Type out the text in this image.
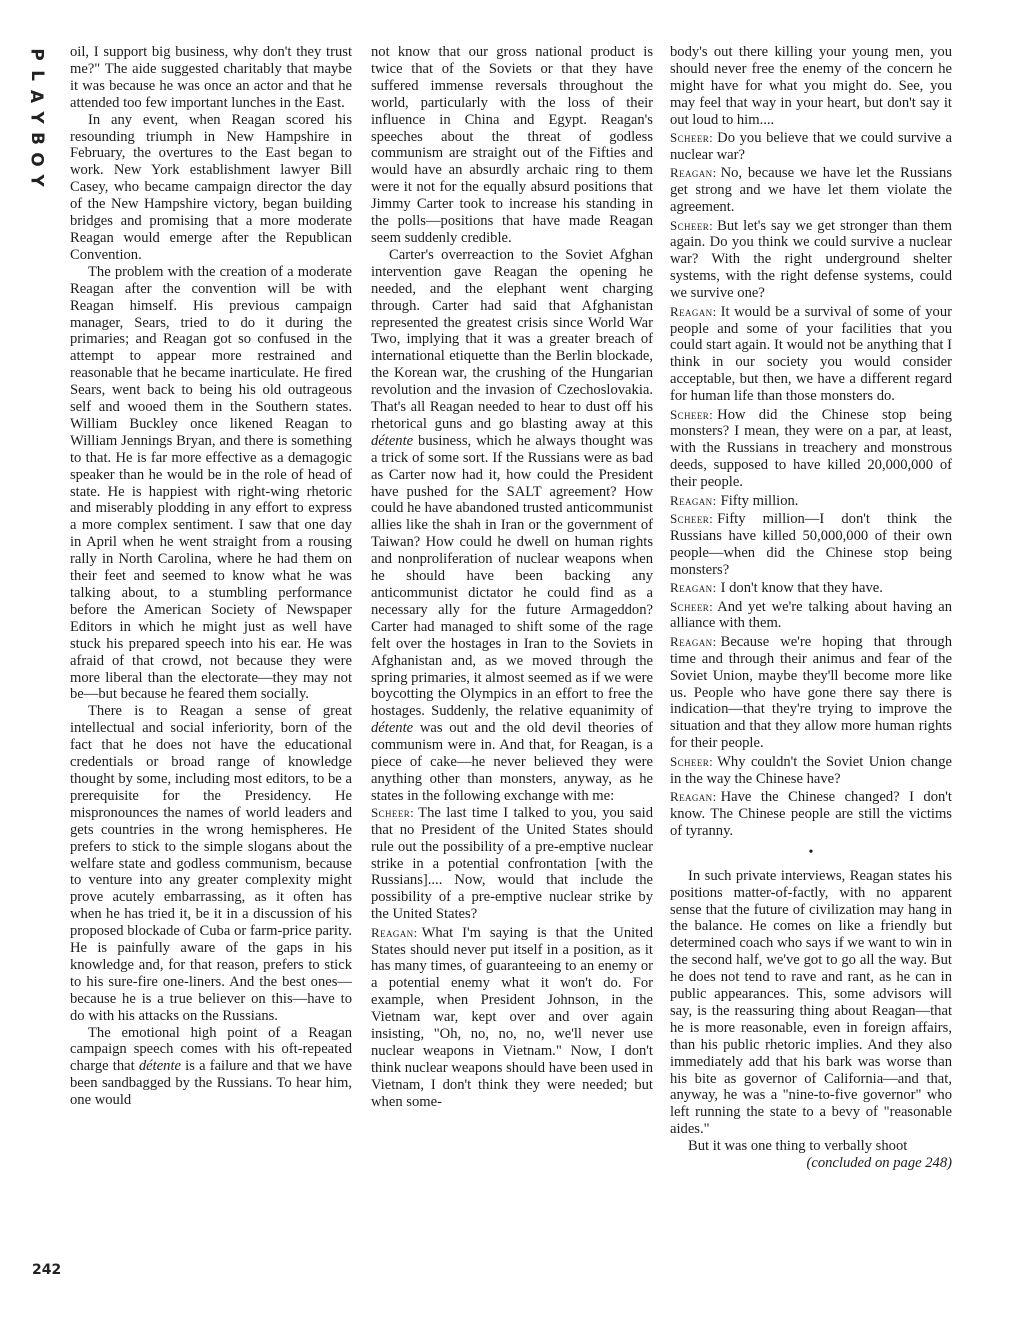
P
L
A
Y
B
O
Y

oil, I support big business, why don't they trust me?" The aide suggested charitably that maybe it was because he was once an actor and that he attended too few important lunches in the East.

In any event, when Reagan scored his resounding triumph in New Hampshire in February, the overtures to the East began to work. New York establishment lawyer Bill Casey, who became campaign director the day of the New Hampshire victory, began building bridges and promising that a more moderate Reagan would emerge after the Republican Convention.

The problem with the creation of a moderate Reagan after the convention will be with Reagan himself. His previous campaign manager, Sears, tried to do it during the primaries; and Reagan got so confused in the attempt to appear more restrained and reasonable that he became inarticulate. He fired Sears, went back to being his old outrageous self and wooed them in the Southern states. William Buckley once likened Reagan to William Jennings Bryan, and there is something to that. He is far more effective as a demagogic speaker than he would be in the role of head of state. He is happiest with right-wing rhetoric and miserably plodding in any effort to express a more complex sentiment. I saw that one day in April when he went straight from a rousing rally in North Carolina, where he had them on their feet and seemed to know what he was talking about, to a stumbling performance before the American Society of Newspaper Editors in which he might just as well have stuck his prepared speech into his ear. He was afraid of that crowd, not because they were more liberal than the electorate—they may not be—but because he feared them socially.

There is to Reagan a sense of great intellectual and social inferiority, born of the fact that he does not have the educational credentials or broad range of knowledge thought by some, including most editors, to be a prerequisite for the Presidency. He mispronounces the names of world leaders and gets countries in the wrong hemispheres. He prefers to stick to the simple slogans about the welfare state and godless communism, because to venture into any greater complexity might prove acutely embarrassing, as it often has when he has tried it, be it in a discussion of his proposed blockade of Cuba or farm-price parity. He is painfully aware of the gaps in his knowledge and, for that reason, prefers to stick to his sure-fire one-liners. And the best ones—because he is a true believer on this—have to do with his attacks on the Russians.

The emotional high point of a Reagan campaign speech comes with his oft-repeated charge that détente is a failure and that we have been sandbagged by the Russians. To hear him, one would

not know that our gross national product is twice that of the Soviets or that they have suffered immense reversals throughout the world, particularly with the loss of their influence in China and Egypt. Reagan's speeches about the threat of godless communism are straight out of the Fifties and would have an absurdly archaic ring to them were it not for the equally absurd positions that Jimmy Carter took to increase his standing in the polls—positions that have made Reagan seem suddenly credible.

Carter's overreaction to the Soviet Afghan intervention gave Reagan the opening he needed, and the elephant went charging through. Carter had said that Afghanistan represented the greatest crisis since World War Two, implying that it was a greater breach of international etiquette than the Berlin blockade, the Korean war, the crushing of the Hungarian revolution and the invasion of Czechoslovakia. That's all Reagan needed to hear to dust off his rhetorical guns and go blasting away at this détente business, which he always thought was a trick of some sort. If the Russians were as bad as Carter now had it, how could the President have pushed for the SALT agreement? How could he have abandoned trusted anticommunist allies like the shah in Iran or the government of Taiwan? How could he dwell on human rights and nonproliferation of nuclear weapons when he should have been backing any anticommunist dictator he could find as a necessary ally for the future Armageddon? Carter had managed to shift some of the rage felt over the hostages in Iran to the Soviets in Afghanistan and, as we moved through the spring primaries, it almost seemed as if we were boycotting the Olympics in an effort to free the hostages. Suddenly, the relative equanimity of détente was out and the old devil theories of communism were in. And that, for Reagan, is a piece of cake—he never believed they were anything other than monsters, anyway, as he states in the following exchange with me:

Scheer: The last time I talked to you, you said that no President of the United States should rule out the possibility of a pre-emptive nuclear strike in a potential confrontation [with the Russians].... Now, would that include the possibility of a pre-emptive nuclear strike by the United States?

Reagan: What I'm saying is that the United States should never put itself in a position, as it has many times, of guaranteeing to an enemy or a potential enemy what it won't do. For example, when President Johnson, in the Vietnam war, kept over and over again insisting, "Oh, no, no, no, we'll never use nuclear weapons in Vietnam." Now, I don't think nuclear weapons should have been used in Vietnam, I don't think they were needed; but when some-

body's out there killing your young men, you should never free the enemy of the concern he might have for what you might do. See, you may feel that way in your heart, but don't say it out loud to him....

Scheer: Do you believe that we could survive a nuclear war?

Reagan: No, because we have let the Russians get strong and we have let them violate the agreement.

Scheer: But let's say we get stronger than them again. Do you think we could survive a nuclear war? With the right underground shelter systems, with the right defense systems, could we survive one?

Reagan: It would be a survival of some of your people and some of your facilities that you could start again. It would not be anything that I think in our society you would consider acceptable, but then, we have a different regard for human life than those monsters do.

Scheer: How did the Chinese stop being monsters? I mean, they were on a par, at least, with the Russians in treachery and monstrous deeds, supposed to have killed 20,000,000 of their people.

Reagan: Fifty million.

Scheer: Fifty million—I don't think the Russians have killed 50,000,000 of their own people—when did the Chinese stop being monsters?

Reagan: I don't know that they have.

Scheer: And yet we're talking about having an alliance with them.

Reagan: Because we're hoping that through time and through their animus and fear of the Soviet Union, maybe they'll become more like us. People who have gone there say there is indication—that they're trying to improve the situation and that they allow more human rights for their people.

Scheer: Why couldn't the Soviet Union change in the way the Chinese have?

Reagan: Have the Chinese changed? I don't know. The Chinese people are still the victims of tyranny.

•

In such private interviews, Reagan states his positions matter-of-factly, with no apparent sense that the future of civilization may hang in the balance. He comes on like a friendly but determined coach who says if we want to win in the second half, we've got to go all the way. But he does not tend to rave and rant, as he can in public appearances. This, some advisors will say, is the reassuring thing about Reagan—that he is more reasonable, even in foreign affairs, than his public rhetoric implies. And they also immediately add that his bark was worse than his bite as governor of California—and that, anyway, he was a "nine-to-five governor" who left running the state to a bevy of "reasonable aides."

But it was one thing to verbally shoot

(concluded on page 248)

242
